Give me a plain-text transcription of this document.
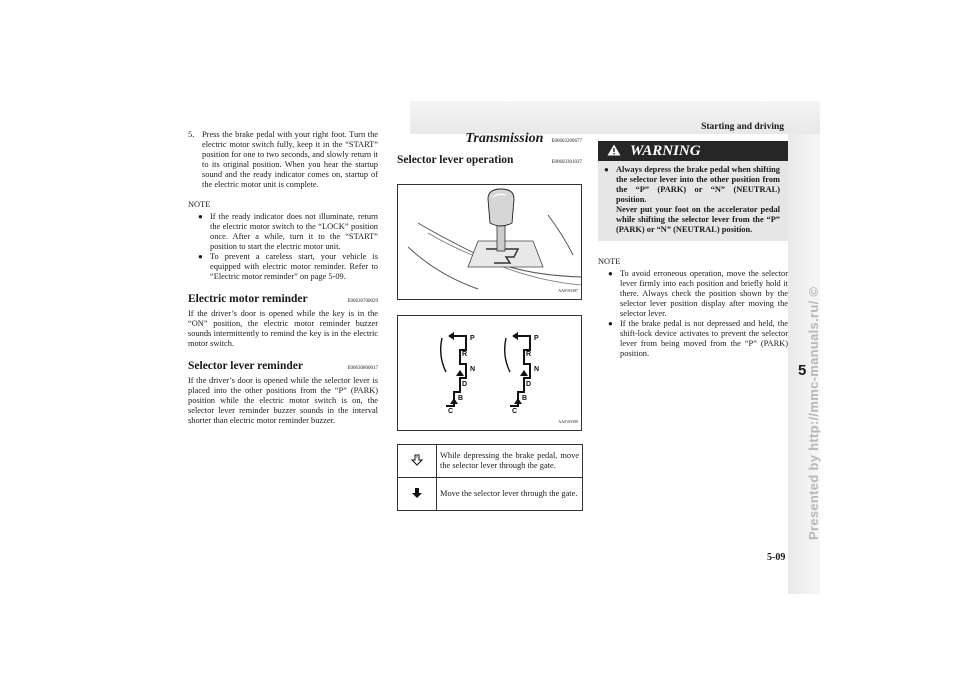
Starting and driving
5 Presented by http://mmc-manuals.ru/ ©
5-09
5. Press the brake pedal with your right foot. Turn the electric motor switch fully, keep it in the “START” position for one to two seconds, and slowly return it to its original position. When you hear the startup sound and the ready indicator comes on, startup of the electric motor unit is complete.
NOTE
● If the ready indicator does not illuminate, return the electric motor switch to the “LOCK” position once. After a while, turn it to the “START” position to start the electric motor unit.
● To prevent a careless start, your vehicle is equipped with electric motor reminder. Refer to “Electric motor reminder” on page 5-09.
Electric motor reminder	E00630700029
If the driver’s door is opened while the key is in the “ON” position, the electric motor reminder buzzer sounds intermittently to remind the key is in the electric motor switch.
Selector lever reminder	E00630800017
If the driver’s door is opened while the selector lever is placed into the other positions from the “P” (PARK) position while the electric motor switch is on, the selector lever reminder buzzer sounds in the interval shorter than electric motor reminder buzzer.
Transmission E00603200677
Selector lever operation	E00603301037
AA0103387
P
R
N
D
B
C
P
R
N
D
B
C
AA0103390
	While depressing the brake pedal, move the selector lever through the gate.
	Move the selector lever through the gate.
WARNING
● Always depress the brake pedal when shifting the selector lever into the other position from the “P” (PARK) or “N” (NEUTRAL) position.
Never put your foot on the accelerator pedal while shifting the selector lever from the “P” (PARK) or “N” (NEUTRAL) position.
NOTE
● To avoid erroneous operation, move the selector lever firmly into each position and briefly hold it there. Always check the position shown by the selector lever position display after moving the selector lever.
● If the brake pedal is not depressed and held, the shift-lock device activates to prevent the selector lever from being moved from the “P” (PARK) position.
